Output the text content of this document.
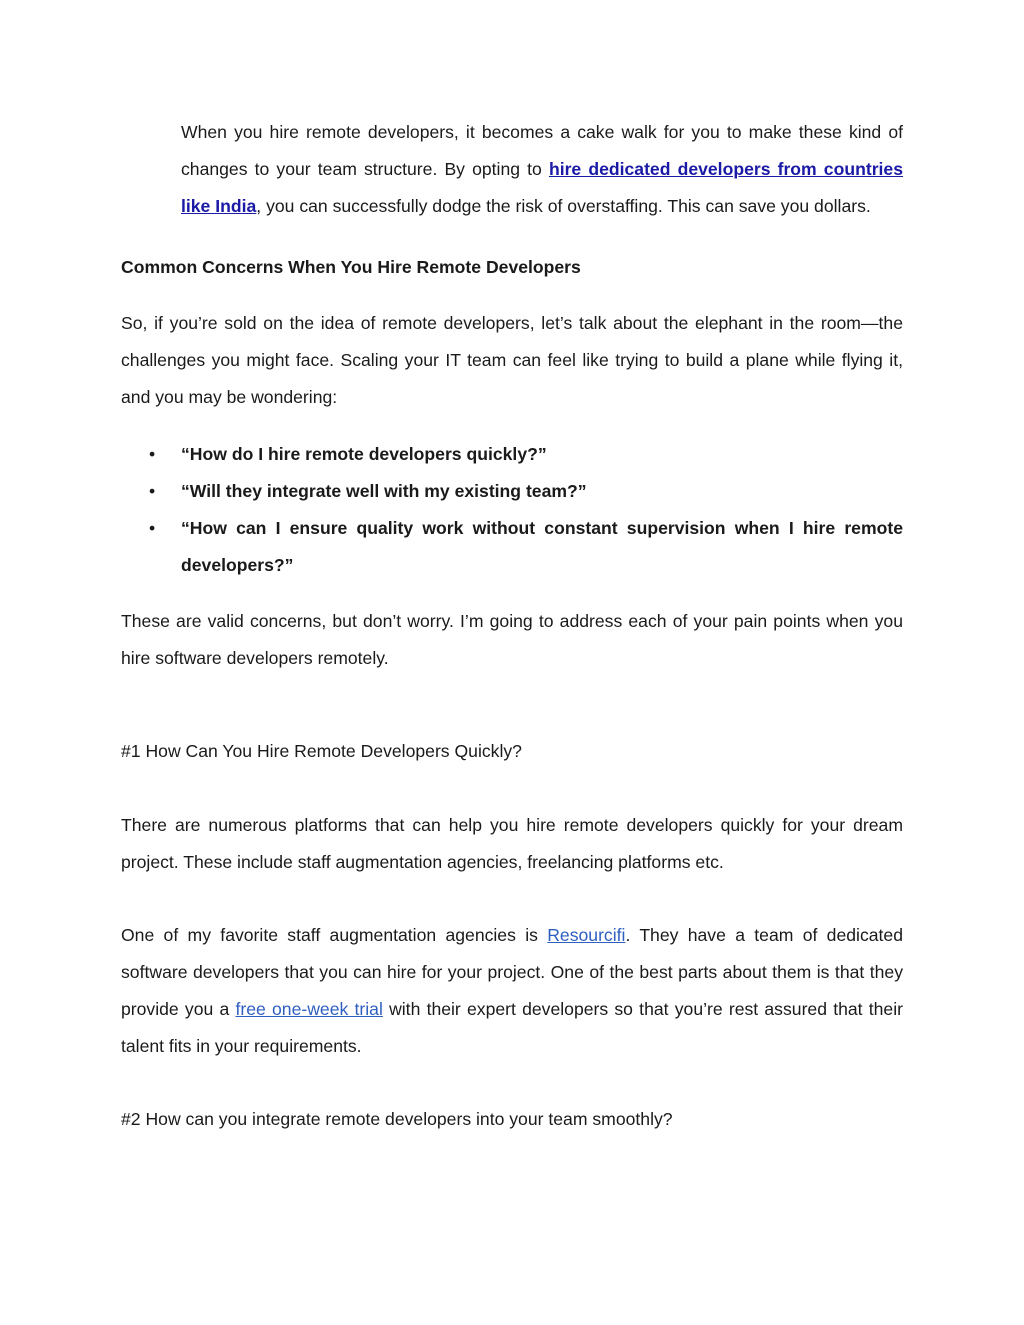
When you hire remote developers, it becomes a cake walk for you to make these kind of changes to your team structure. By opting to hire dedicated developers from countries like India, you can successfully dodge the risk of overstaffing. This can save you dollars.

Common Concerns When You Hire Remote Developers

So, if you’re sold on the idea of remote developers, let’s talk about the elephant in the room—the challenges you might face. Scaling your IT team can feel like trying to build a plane while flying it, and you may be wondering:

• “How do I hire remote developers quickly?”
• “Will they integrate well with my existing team?”
• “How can I ensure quality work without constant supervision when I hire remote developers?”

These are valid concerns, but don’t worry. I’m going to address each of your pain points when you hire software developers remotely.

#1 How Can You Hire Remote Developers Quickly?

There are numerous platforms that can help you hire remote developers quickly for your dream project. These include staff augmentation agencies, freelancing platforms etc.

One of my favorite staff augmentation agencies is Resourcifi. They have a team of dedicated software developers that you can hire for your project. One of the best parts about them is that they provide you a free one-week trial with their expert developers so that you’re rest assured that their talent fits in your requirements.

#2 How can you integrate remote developers into your team smoothly?
